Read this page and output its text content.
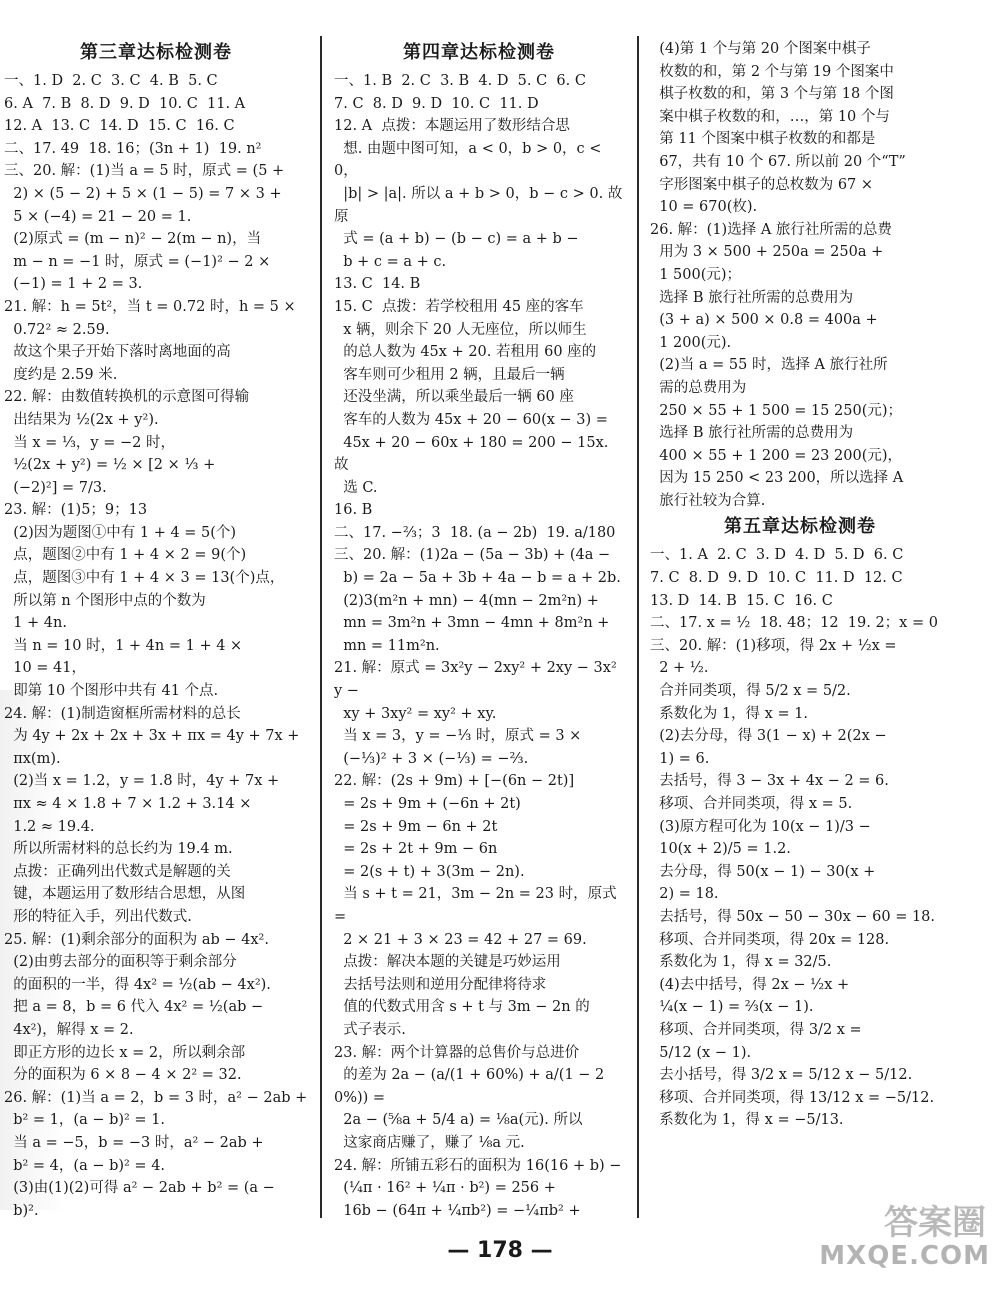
第三章达标检测卷
一、1. D  2. C  3. C  4. B  5. C
6. A  7. B  8. D  9. D  10. C  11. A
12. A  13. C  14. D  15. C  16. C
二、17. 49  18. 16；(3n + 1)  19. n²
三、20. 解：(1)当 a = 5 时，原式 = (5 +
2) × (5 − 2) + 5 × (1 − 5) = 7 × 3 +
5 × (−4) = 21 − 20 = 1.
(2)原式 = (m − n)² − 2(m − n)，当
m − n = −1 时，原式 = (−1)² − 2 ×
(−1) = 1 + 2 = 3.
21. 解：h = 5t²，当 t = 0.72 时，h = 5 ×
0.72² ≈ 2.59.
故这个果子开始下落时离地面的高
度约是 2.59 米.
22. 解：由数值转换机的示意图可得输
出结果为 ½(2x + y²).
当 x = ⅓，y = −2 时，
½(2x + y²) = ½ × [2 × ⅓ +
(−2)²] = 7/3.
23. 解：(1)5；9；13
(2)因为题图①中有 1 + 4 = 5(个)
点，题图②中有 1 + 4 × 2 = 9(个)
点，题图③中有 1 + 4 × 3 = 13(个)点，
所以第 n 个图形中点的个数为
1 + 4n.
当 n = 10 时，1 + 4n = 1 + 4 ×
10 = 41，
即第 10 个图形中共有 41 个点.
24. 解：(1)制造窗框所需材料的总长
为 4y + 2x + 2x + 3x + πx = 4y + 7x +
πx(m).
(2)当 x = 1.2，y = 1.8 时，4y + 7x +
πx ≈ 4 × 1.8 + 7 × 1.2 + 3.14 ×
1.2 ≈ 19.4.
所以所需材料的总长约为 19.4 m.
点拨：正确列出代数式是解题的关
键，本题运用了数形结合思想，从图
形的特征入手，列出代数式.
25. 解：(1)剩余部分的面积为 ab − 4x².
(2)由剪去部分的面积等于剩余部分
的面积的一半，得 4x² = ½(ab − 4x²).
把 a = 8，b = 6 代入 4x² = ½(ab −
4x²)，解得 x = 2.
即正方形的边长 x = 2，所以剩余部
分的面积为 6 × 8 − 4 × 2² = 32.
26. 解：(1)当 a = 2，b = 3 时，a² − 2ab +
b² = 1，(a − b)² = 1.
当 a = −5，b = −3 时，a² − 2ab +
b² = 4，(a − b)² = 4.
(3)由(1)(2)可得 a² − 2ab + b² = (a −
b)².
第四章达标检测卷
一、1. B  2. C  3. B  4. D  5. C  6. C
7. C  8. D  9. D  10. C  11. D
12. A  点拨：本题运用了数形结合思
想. 由题中图可知，a < 0，b > 0，c < 0，
|b| > |a|. 所以 a + b > 0，b − c > 0. 故原
式 = (a + b) − (b − c) = a + b −
b + c = a + c.
13. C  14. B
15. C  点拨：若学校租用 45 座的客车
x 辆，则余下 20 人无座位，所以师生
的总人数为 45x + 20. 若租用 60 座的
客车则可少租用 2 辆，且最后一辆
还没坐满，所以乘坐最后一辆 60 座
客车的人数为 45x + 20 − 60(x − 3) =
45x + 20 − 60x + 180 = 200 − 15x. 故
选 C.
16. B
二、17. −⅔；3  18. (a − 2b)  19. a/180
三、20. 解：(1)2a − (5a − 3b) + (4a −
b) = 2a − 5a + 3b + 4a − b = a + 2b.
(2)3(m²n + mn) − 4(mn − 2m²n) +
mn = 3m²n + 3mn − 4mn + 8m²n +
mn = 11m²n.
21. 解：原式 = 3x²y − 2xy² + 2xy − 3x²y −
xy + 3xy² = xy² + xy.
当 x = 3，y = −⅓ 时，原式 = 3 ×
(−⅓)² + 3 × (−⅓) = −⅔.
22. 解：(2s + 9m) + [−(6n − 2t)]
= 2s + 9m + (−6n + 2t)
= 2s + 9m − 6n + 2t
= 2s + 2t + 9m − 6n
= 2(s + t) + 3(3m − 2n).
当 s + t = 21，3m − 2n = 23 时，原式 =
2 × 21 + 3 × 23 = 42 + 27 = 69.
点拨：解决本题的关键是巧妙运用
去括号法则和逆用分配律将待求
值的代数式用含 s + t 与 3m − 2n 的
式子表示.
23. 解：两个计算器的总售价与总进价
的差为 2a − (a/(1 + 60%) + a/(1 − 20%)) =
2a − (⅝a + 5/4 a) = ⅛a(元). 所以
这家商店赚了，赚了 ⅛a 元.
24. 解：所铺五彩石的面积为 16(16 + b) −
(¼π · 16² + ¼π · b²) = 256 +
16b − (64π + ¼πb²) = −¼πb² +
(4)第 1 个与第 20 个图案中棋子
枚数的和，第 2 个与第 19 个图案中
棋子枚数的和，第 3 个与第 18 个图
案中棋子枚数的和，…，第 10 个与
第 11 个图案中棋子枚数的和都是
67，共有 10 个 67. 所以前 20 个“T”
字形图案中棋子的总枚数为 67 ×
10 = 670(枚).
26. 解：(1)选择 A 旅行社所需的总费
用为 3 × 500 + 250a = 250a +
1 500(元)；
选择 B 旅行社所需的总费用为
(3 + a) × 500 × 0.8 = 400a +
1 200(元).
(2)当 a = 55 时，选择 A 旅行社所
需的总费用为
250 × 55 + 1 500 = 15 250(元)；
选择 B 旅行社所需的总费用为
400 × 55 + 1 200 = 23 200(元)，
因为 15 250 < 23 200，所以选择 A
旅行社较为合算.
第五章达标检测卷
一、1. A  2. C  3. D  4. D  5. D  6. C
7. C  8. D  9. D  10. C  11. D  12. C
13. D  14. B  15. C  16. C
二、17. x = ½  18. 48；12  19. 2；x = 0
三、20. 解：(1)移项，得 2x + ½x =
2 + ½.
合并同类项，得 5/2 x = 5/2.
系数化为 1，得 x = 1.
(2)去分母，得 3(1 − x) + 2(2x −
1) = 6.
去括号，得 3 − 3x + 4x − 2 = 6.
移项、合并同类项，得 x = 5.
(3)原方程可化为 10(x − 1)/3 −
10(x + 2)/5 = 1.2.
去分母，得 50(x − 1) − 30(x +
2) = 18.
去括号，得 50x − 50 − 30x − 60 = 18.
移项、合并同类项，得 20x = 128.
系数化为 1，得 x = 32/5.
(4)去中括号，得 2x − ½x +
¼(x − 1) = ⅔(x − 1).
移项、合并同类项，得 3/2 x =
5/12 (x − 1).
去小括号，得 3/2 x = 5/12 x − 5/12.
移项、合并同类项，得 13/12 x = −5/12.
系数化为 1，得 x = −5/13.
— 178 —
答案圈
MXQE.COM
